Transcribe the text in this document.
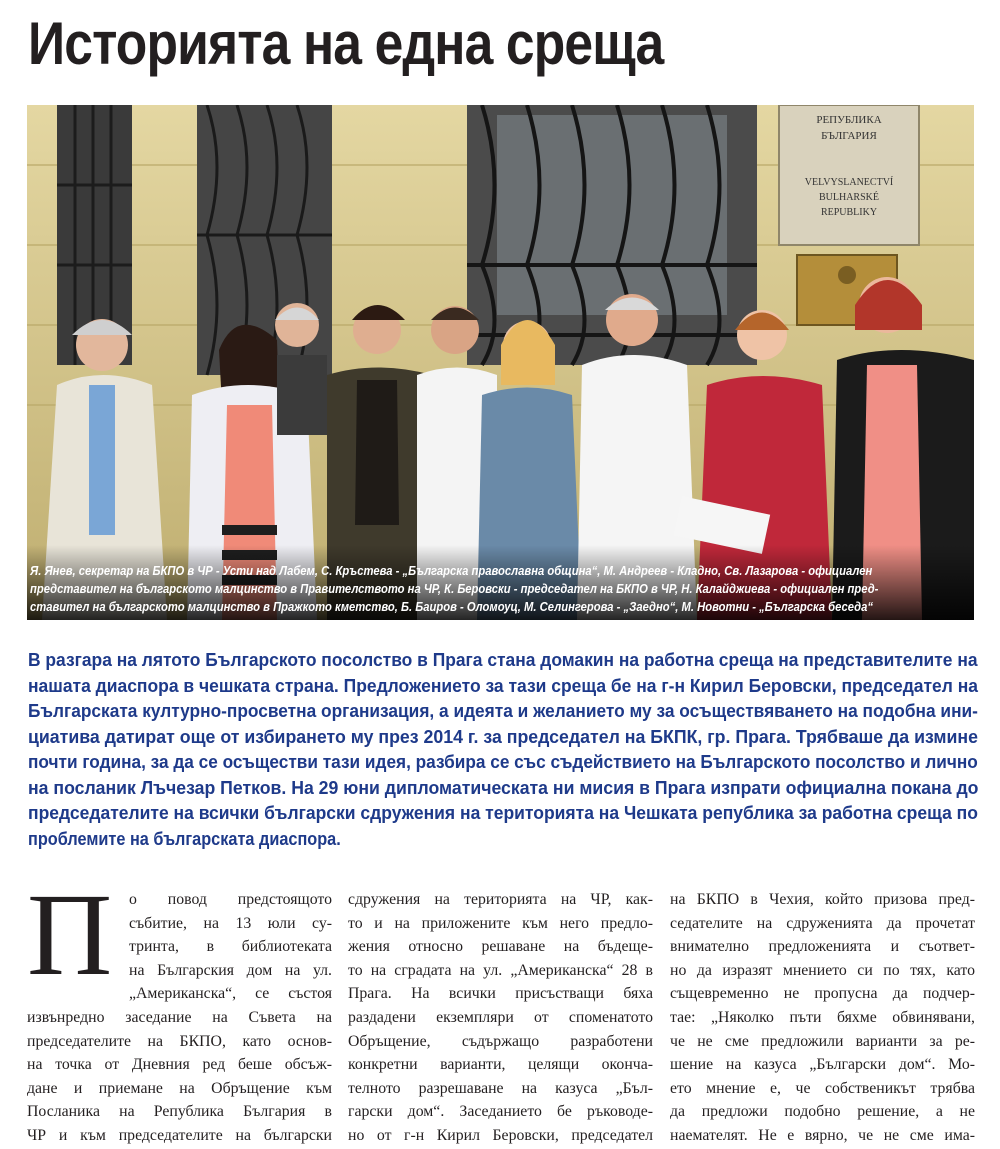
Историята на една среща
РЕПУБЛИКА
БЪЛГАРИЯ
VELVYSLANECTVÍ
BULHARSKÉ
REPUBLIKY
Я. Янев, секретар на БКПО в ЧР - Усти над Лабем, С. Кръстева - „Българска православна община“, М. Андреев - Кладно, Св. Лазарова - официален
представител на българското малцинство в Правителството на ЧР, К. Беровски - председател на БКПО в ЧР, Н. Калайджиева - официален пред-
ставител на българското малцинство в Пражкото кметство, Б. Баиров - Оломоуц, М. Селингерова - „Заедно“, М. Новотни - „Българска беседа“
В разгара на лятото Българското посолство в Прага стана домакин на работна среща на представителите на
нашата диаспора в чешката страна. Предложението за тази среща бе на г-н Кирил Беровски, председател на
Българската културно-просветна организация, а идеята и желанието му за осъществяването на подобна ини-
циатива датират още от избирането му през 2014 г. за председател на БКПК, гр. Прага. Трябваше да измине
почти година, за да се осъществи тази идея, разбира се със съдействието на Българското посолство и лично
на посланик Лъчезар Петков. На 29 юни дипломатическата ни мисия в Прага изпрати официална покана до
председателите на всички български сдружения на територията на Чешката република за работна среща по
проблемите на българската диаспора.
П	о повод предстоящото
събитие, на 13 юли су-
тринта, в библиотеката
на Българския дом на ул.
„Американска“, се състоя
извънредно заседание на Съвета на
председателите на БКПО, като основ-
на точка от Дневния ред беше обсъж-
дане и приемане на Обръщение към
Посланика на Република България в
ЧР и към председателите на български
сдружения на територията на ЧР, как-
то и на приложените към него предло-
жения относно решаване на бъдеще-
то на сградата на ул. „Американска“ 28 в
Прага. На всички присъстващи бяха
раздадени екземпляри от споменатото
Обръщение, съдържащо разработени
конкретни варианти, целящи оконча-
телното разрешаване на казуса „Бъл-
гарски дом“. Заседанието бе ръководе-
но от г-н Кирил Беровски, председател
на БКПО в Чехия, който призова пред-
седателите на сдруженията да прочетат
внимателно предложенията и съответ-
но да изразят мнението си по тях, като
същевременно не пропусна да подчер-
тае: „Няколко пъти бяхме обвинявани,
че не сме предложили варианти за ре-
шение на казуса „Български дом“. Мо-
ето мнение е, че собственикът трябва
да предложи подобно решение, а не
наемателят. Не е вярно, че не сме има-
